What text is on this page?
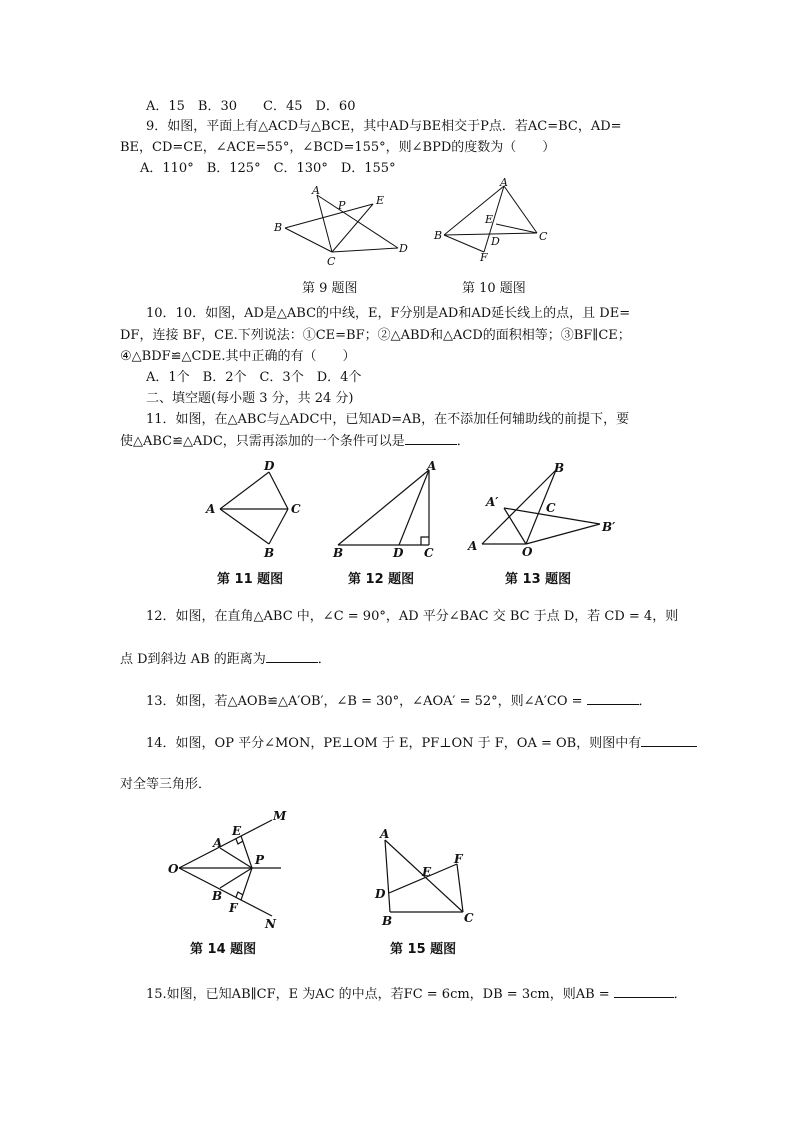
A．15　B．30　　C．45　D．60
9．如图，平面上有△ACD与△BCE，其中AD与BE相交于P点．若AC=BC，AD=
BE，CD=CE，∠ACE=55°，∠BCD=155°，则∠BPD的度数为（　　）
A．110°　B．125°　C．130°　D．155°
A
P	E
B
C
D
A
E
B	D	C
F
第 9 题图	第 10 题图
10．10．如图，AD是△ABC的中线，E，F分别是AD和AD延长线上的点，且 DE=
DF，连接 BF，CE.下列说法：①CE=BF；②△ABD和△ACD的面积相等；③BF∥CE；
④△BDF≌△CDE.其中正确的有（　　）
A．1个　B．2个　C．3个　D．4个
二、填空题(每小题 3 分，共 24 分)
11．如图，在△ABC与△ADC中，已知AD=AB，在不添加任何辅助线的前提下，要
使△ABC≌△ADC，只需再添加的一个条件可以是	．
D
A	C
B
A
B	D C
B
A′	C
B′
A	O
第 11 题图	第 12 题图	第 13 题图
12．如图，在直角△ABC 中，∠C = 90°，AD 平分∠BAC 交 BC 于点 D，若 CD = 4，则
点 D到斜边 AB 的距离为	．
13．如图，若△AOB≌△A′OB′，∠B = 30°，∠AOA′ = 52°，则∠A′CO =	．
14．如图，OP 平分∠MON，PE⊥OM 于 E，PF⊥ON 于 F，OA = OB，则图中有
对全等三角形．
M
E
A
O
P
B
F
N
A
F
E
D
B	C
第 14 题图	第 15 题图
15.如图，已知AB∥CF，E 为AC 的中点，若FC = 6cm，DB = 3cm，则AB =	．
